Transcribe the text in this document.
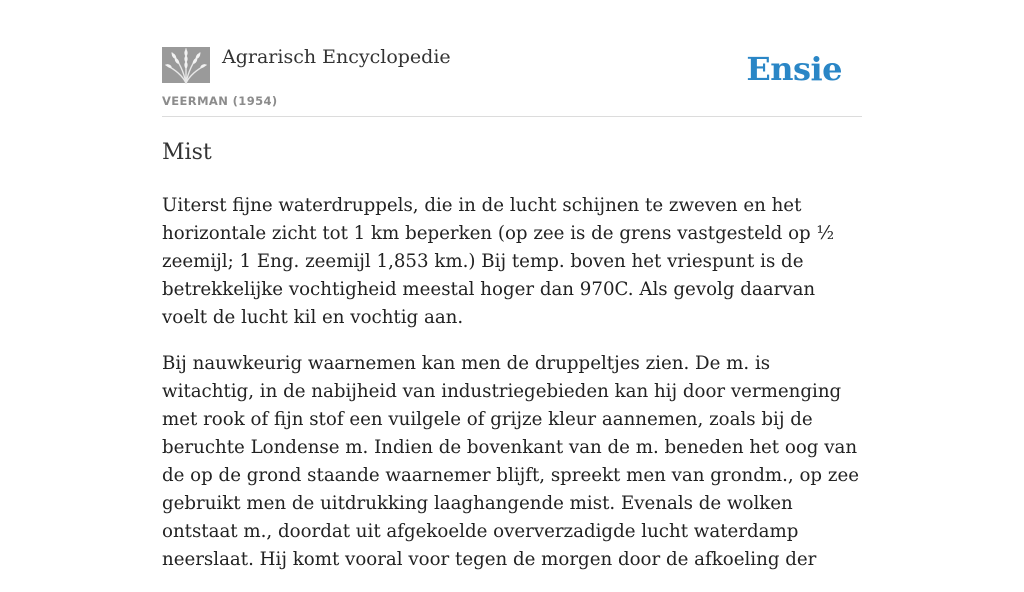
Agrarisch Encyclopedie
VEERMAN (1954)
Ensie
Mist

Uiterst fijne waterdruppels, die in de lucht schijnen te zweven en het horizontale zicht tot 1 km beperken (op zee is de grens vastgesteld op ½ zeemijl; 1 Eng. zeemijl 1,853 km.) Bij temp. boven het vriespunt is de betrekkelijke vochtigheid meestal hoger dan 970C. Als gevolg daarvan voelt de lucht kil en vochtig aan.

Bij nauwkeurig waarnemen kan men de druppeltjes zien. De m. is witachtig, in de nabijheid van industriegebieden kan hij door vermenging met rook of fijn stof een vuilgele of grijze kleur aannemen, zoals bij de beruchte Londense m. Indien de bovenkant van de m. beneden het oog van de op de grond staande waarnemer blijft, spreekt men van grondm., op zee gebruikt men de uitdrukking laaghangende mist. Evenals de wolken ontstaat m., doordat uit afgekoelde oververzadigde lucht waterdamp neerslaat. Hij komt vooral voor tegen de morgen door de afkoeling der
